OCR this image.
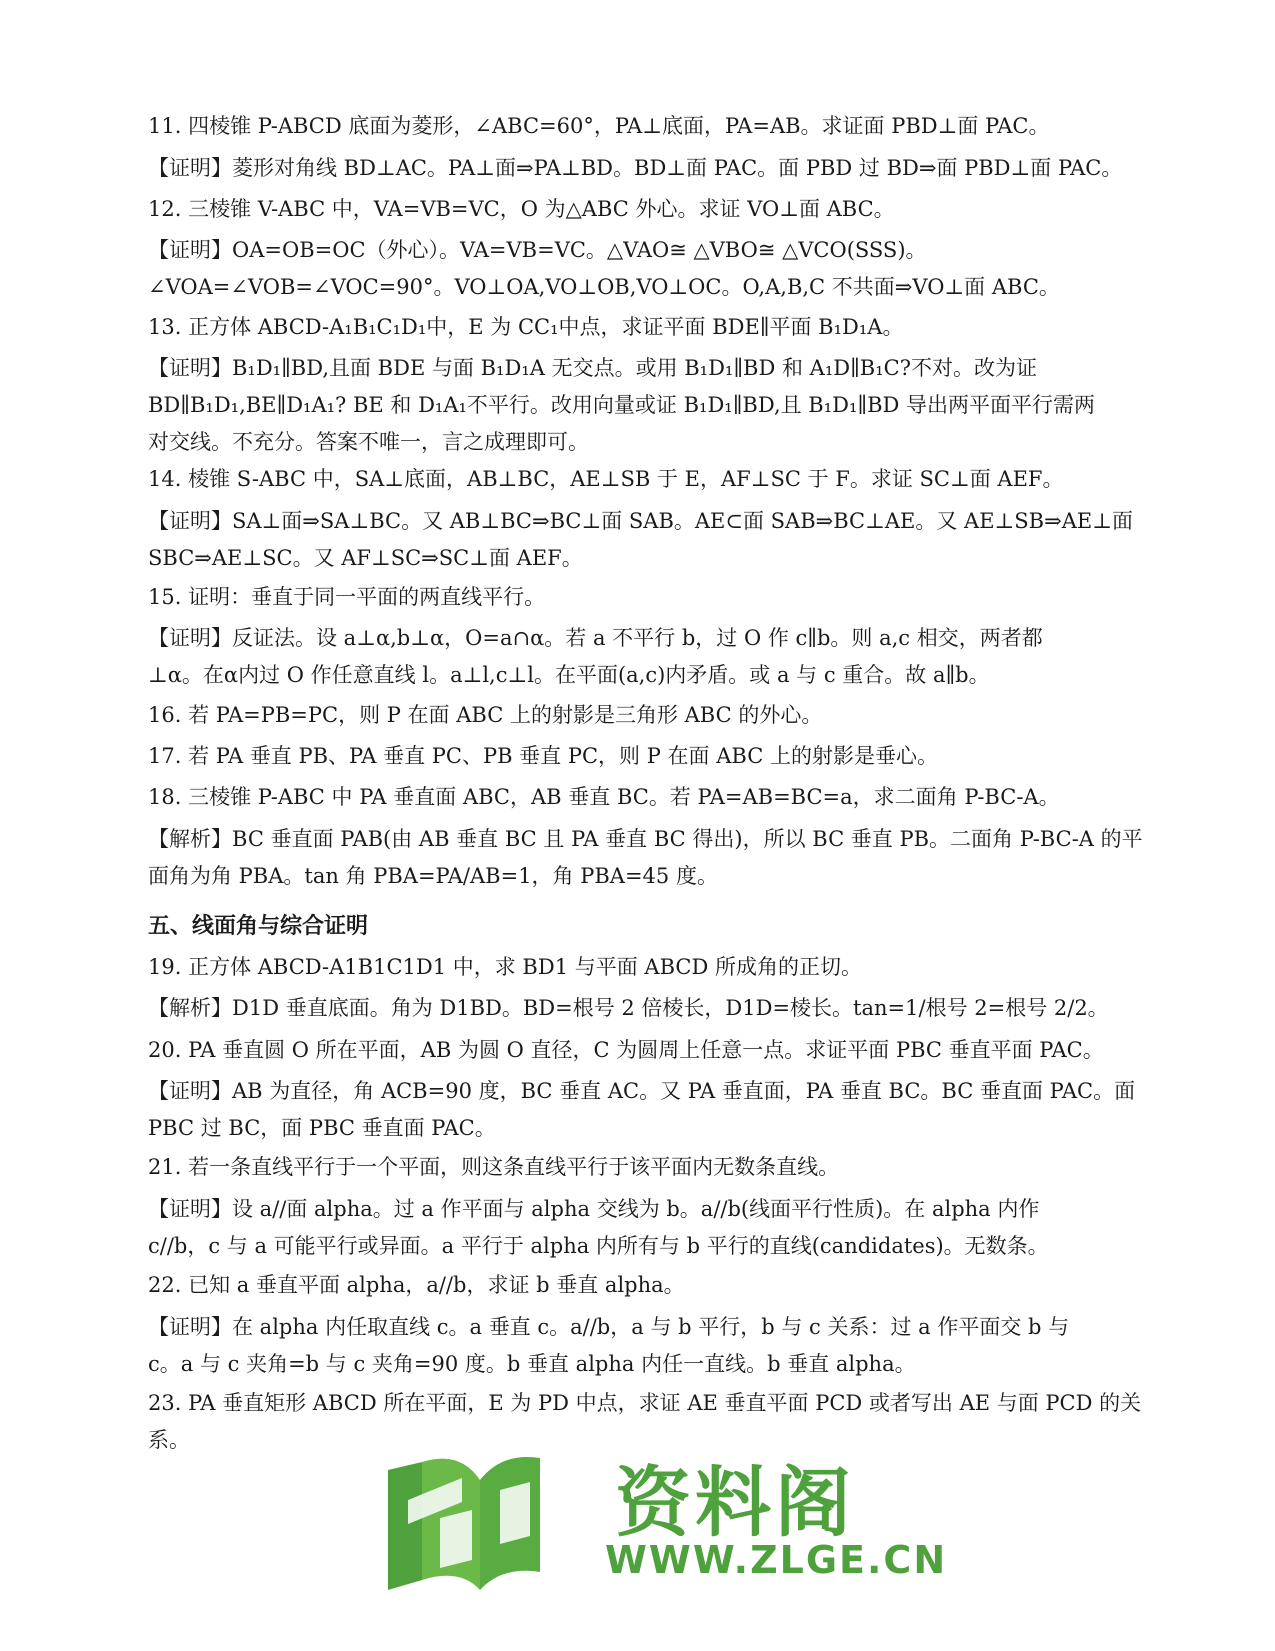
11. 四棱锥 P-ABCD 底面为菱形，∠ABC=60°，PA⊥底面，PA=AB。求证面 PBD⊥面 PAC。
【证明】菱形对角线 BD⊥AC。PA⊥面⇒PA⊥BD。BD⊥面 PAC。面 PBD 过 BD⇒面 PBD⊥面 PAC。
12. 三棱锥 V-ABC 中，VA=VB=VC，O 为△ABC 外心。求证 VO⊥面 ABC。
【证明】OA=OB=OC（外心）。VA=VB=VC。△VAO≅ △VBO≅ △VCO(SSS)。
∠VOA=∠VOB=∠VOC=90°。VO⊥OA,VO⊥OB,VO⊥OC。O,A,B,C 不共面⇒VO⊥面 ABC。
13. 正方体 ABCD-A₁B₁C₁D₁中，E 为 CC₁中点，求证平面 BDE∥平面 B₁D₁A。
【证明】B₁D₁∥BD,且面 BDE 与面 B₁D₁A 无交点。或用 B₁D₁∥BD 和 A₁D∥B₁C?不对。改为证
BD∥B₁D₁,BE∥D₁A₁? BE 和 D₁A₁不平行。改用向量或证 B₁D₁∥BD,且 B₁D₁∥BD 导出两平面平行需两
对交线。不充分。答案不唯一，言之成理即可。
14. 棱锥 S-ABC 中，SA⊥底面，AB⊥BC，AE⊥SB 于 E，AF⊥SC 于 F。求证 SC⊥面 AEF。
【证明】SA⊥面⇒SA⊥BC。又 AB⊥BC⇒BC⊥面 SAB。AE⊂面 SAB⇒BC⊥AE。又 AE⊥SB⇒AE⊥面
SBC⇒AE⊥SC。又 AF⊥SC⇒SC⊥面 AEF。
15. 证明：垂直于同一平面的两直线平行。
【证明】反证法。设 a⊥α,b⊥α，O=a∩α。若 a 不平行 b，过 O 作 c∥b。则 a,c 相交，两者都
⊥α。在α内过 O 作任意直线 l。a⊥l,c⊥l。在平面(a,c)内矛盾。或 a 与 c 重合。故 a∥b。
16. 若 PA=PB=PC，则 P 在面 ABC 上的射影是三角形 ABC 的外心。
17. 若 PA 垂直 PB、PA 垂直 PC、PB 垂直 PC，则 P 在面 ABC 上的射影是垂心。
18. 三棱锥 P-ABC 中 PA 垂直面 ABC，AB 垂直 BC。若 PA=AB=BC=a，求二面角 P-BC-A。
【解析】BC 垂直面 PAB(由 AB 垂直 BC 且 PA 垂直 BC 得出)，所以 BC 垂直 PB。二面角 P-BC-A 的平
面角为角 PBA。tan 角 PBA=PA/AB=1，角 PBA=45 度。
五、线面角与综合证明
19. 正方体 ABCD-A1B1C1D1 中，求 BD1 与平面 ABCD 所成角的正切。
【解析】D1D 垂直底面。角为 D1BD。BD=根号 2 倍棱长，D1D=棱长。tan=1/根号 2=根号 2/2。
20. PA 垂直圆 O 所在平面，AB 为圆 O 直径，C 为圆周上任意一点。求证平面 PBC 垂直平面 PAC。
【证明】AB 为直径，角 ACB=90 度，BC 垂直 AC。又 PA 垂直面，PA 垂直 BC。BC 垂直面 PAC。面
PBC 过 BC，面 PBC 垂直面 PAC。
21. 若一条直线平行于一个平面，则这条直线平行于该平面内无数条直线。
【证明】设 a//面 alpha。过 a 作平面与 alpha 交线为 b。a//b(线面平行性质)。在 alpha 内作
c//b，c 与 a 可能平行或异面。a 平行于 alpha 内所有与 b 平行的直线(candidates)。无数条。
22. 已知 a 垂直平面 alpha，a//b，求证 b 垂直 alpha。
【证明】在 alpha 内任取直线 c。a 垂直 c。a//b，a 与 b 平行，b 与 c 关系：过 a 作平面交 b 与
c。a 与 c 夹角=b 与 c 夹角=90 度。b 垂直 alpha 内任一直线。b 垂直 alpha。
23. PA 垂直矩形 ABCD 所在平面，E 为 PD 中点，求证 AE 垂直平面 PCD 或者写出 AE 与面 PCD 的关
系。
资料阁
WWW.ZLGE.CN
